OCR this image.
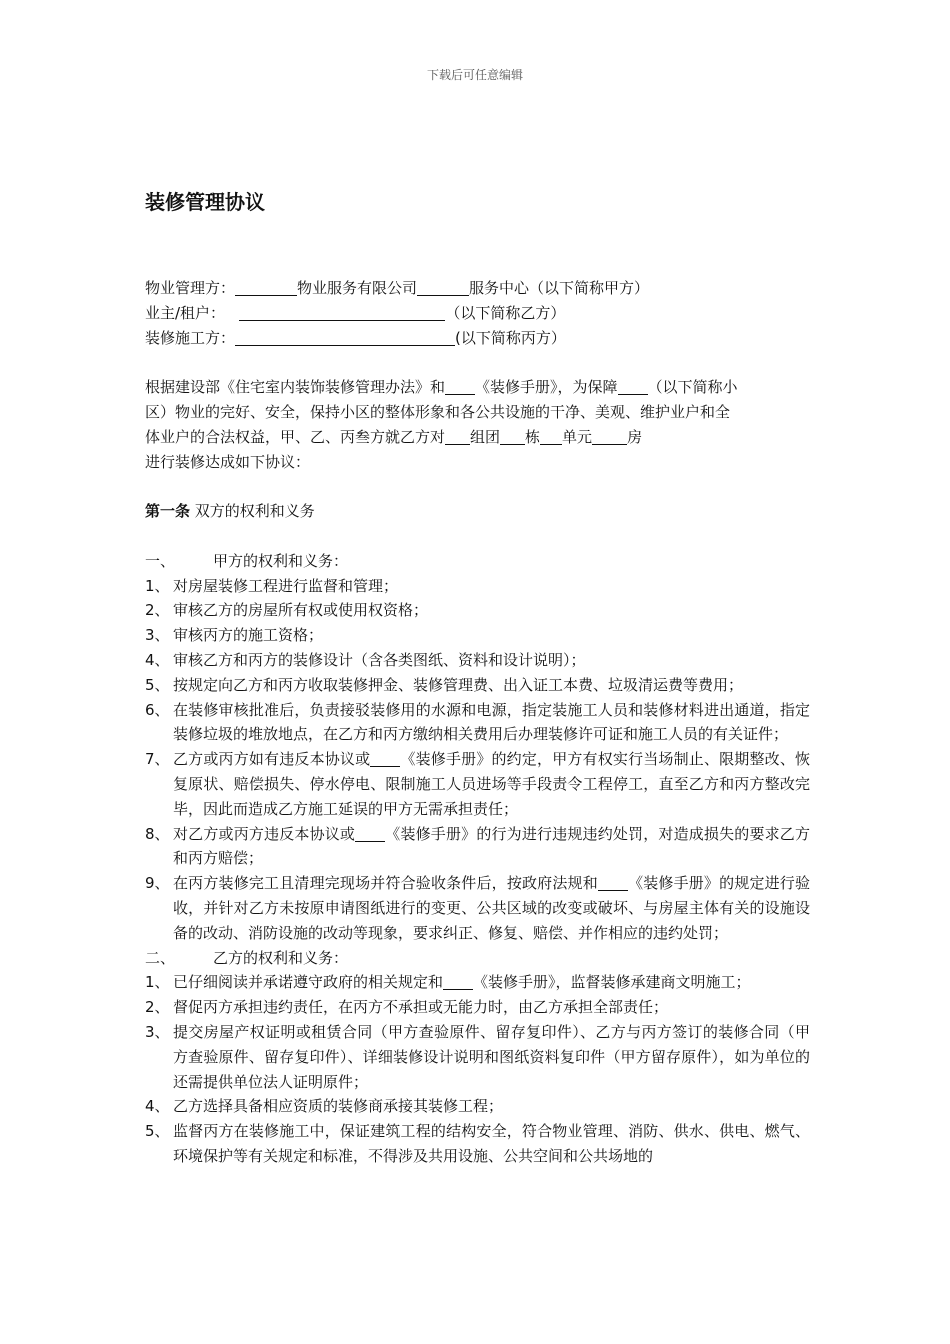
下载后可任意编辑
装修管理协议
物业管理方：	物业服务有限公司	服务中心（以下简称甲方）
业主/租户：	（以下简称乙方）
装修施工方：	(以下简称丙方）
根据建设部《住宅室内装饰装修管理办法》和 《装修手册》，为保障 （以下简称小
区）物业的完好、安全，保持小区的整体形象和各公共设施的干净、美观、维护业户和全
体业户的合法权益，甲、乙、丙叁方就乙方对 组团 栋 单元 房
进行装修达成如下协议：
第一条 双方的权利和义务
一、	甲方的权利和义务：
1、 对房屋装修工程进行监督和管理；
2、 审核乙方的房屋所有权或使用权资格；
3、 审核丙方的施工资格；
4、 审核乙方和丙方的装修设计（含各类图纸、资料和设计说明）；
5、 按规定向乙方和丙方收取装修押金、装修管理费、出入证工本费、垃圾清运费等费用；
6、 在装修审核批准后，负责接驳装修用的水源和电源，指定装施工人员和装修材料进出通道，指定装修垃圾的堆放地点，在乙方和丙方缴纳相关费用后办理装修许可证和施工人员的有关证件；
7、 乙方或丙方如有违反本协议或 《装修手册》的约定，甲方有权实行当场制止、限期整改、恢复原状、赔偿损失、停水停电、限制施工人员进场等手段责令工程停工，直至乙方和丙方整改完毕，因此而造成乙方施工延误的甲方无需承担责任；
8、 对乙方或丙方违反本协议或 《装修手册》的行为进行违规违约处罚，对造成损失的要求乙方和丙方赔偿；
9、 在丙方装修完工且清理完现场并符合验收条件后，按政府法规和 《装修手册》的规定进行验收，并针对乙方未按原申请图纸进行的变更、公共区域的改变或破坏、与房屋主体有关的设施设备的改动、消防设施的改动等现象，要求纠正、修复、赔偿、并作相应的违约处罚；
二、	乙方的权利和义务：
1、 已仔细阅读并承诺遵守政府的相关规定和 《装修手册》，监督装修承建商文明施工；
2、 督促丙方承担违约责任，在丙方不承担或无能力时，由乙方承担全部责任；
3、 提交房屋产权证明或租赁合同（甲方查验原件、留存复印件）、乙方与丙方签订的装修合同（甲方查验原件、留存复印件）、详细装修设计说明和图纸资料复印件（甲方留存原件），如为单位的还需提供单位法人证明原件；
4、 乙方选择具备相应资质的装修商承接其装修工程；
5、 监督丙方在装修施工中，保证建筑工程的结构安全，符合物业管理、消防、供水、供电、燃气、环境保护等有关规定和标准，不得涉及共用设施、公共空间和公共场地的
